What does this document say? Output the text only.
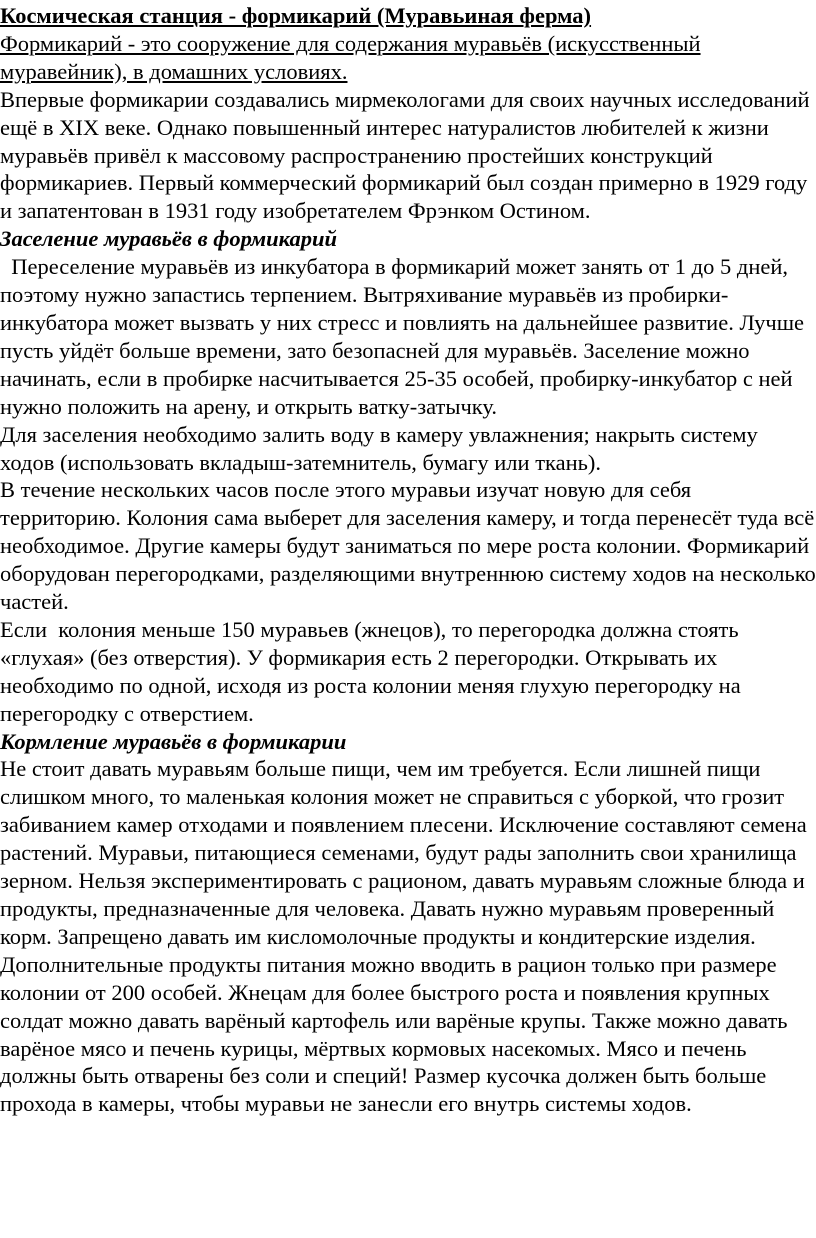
Космическая станция - формикарий (Муравьиная ферма)

Формикарий - это сооружение для содержания муравьёв (искусственный муравейник), в домашних условиях.

Впервые формикарии создавались мирмекологами для своих научных исследований ещё в XIX веке. Однако повышенный интерес натуралистов любителей к жизни муравьёв привёл к массовому распространению простейших конструкций формикариев. Первый коммерческий формикарий был создан примерно в 1929 году и запатентован в 1931 году изобретателем Фрэнком Остином.

Заселение муравьёв в формикарий

Переселение муравьёв из инкубатора в формикарий может занять от 1 до 5 дней, поэтому нужно запастись терпением. Вытряхивание муравьёв из пробирки-инкубатора может вызвать у них стресс и повлиять на дальнейшее развитие. Лучше пусть уйдёт больше времени, зато безопасней для муравьёв. Заселение можно начинать, если в пробирке насчитывается 25-35 особей, пробирку-инкубатор с ней нужно положить на арену, и открыть ватку-затычку.

Для заселения необходимо залить воду в камеру увлажнения; накрыть систему ходов (использовать вкладыш-затемнитель, бумагу или ткань).

В течение нескольких часов после этого муравьи изучат новую для себя территорию. Колония сама выберет для заселения камеру, и тогда перенесёт туда всё необходимое. Другие камеры будут заниматься по мере роста колонии. Формикарий оборудован перегородками, разделяющими внутреннюю систему ходов на несколько частей.

Если  колония меньше 150 муравьев (жнецов), то перегородка должна стоять «глухая» (без отверстия). У формикария есть 2 перегородки. Открывать их необходимо по одной, исходя из роста колонии меняя глухую перегородку на перегородку с отверстием.

Кормление муравьёв в формикарии

Не стоит давать муравьям больше пищи, чем им требуется. Если лишней пищи слишком много, то маленькая колония может не справиться с уборкой, что грозит забиванием камер отходами и появлением плесени. Исключение составляют семена растений. Муравьи, питающиеся семенами, будут рады заполнить свои хранилища зерном. Нельзя экспериментировать с рационом, давать муравьям сложные блюда и продукты, предназначенные для человека. Давать нужно муравьям проверенный корм. Запрещено давать им кисломолочные продукты и кондитерские изделия.

Дополнительные продукты питания можно вводить в рацион только при размере колонии от 200 особей. Жнецам для более быстрого роста и появления крупных солдат можно давать варёный картофель или варёные крупы. Также можно давать варёное мясо и печень курицы, мёртвых кормовых насекомых. Мясо и печень должны быть отварены без соли и специй! Размер кусочка должен быть больше прохода в камеры, чтобы муравьи не занесли его внутрь системы ходов.
